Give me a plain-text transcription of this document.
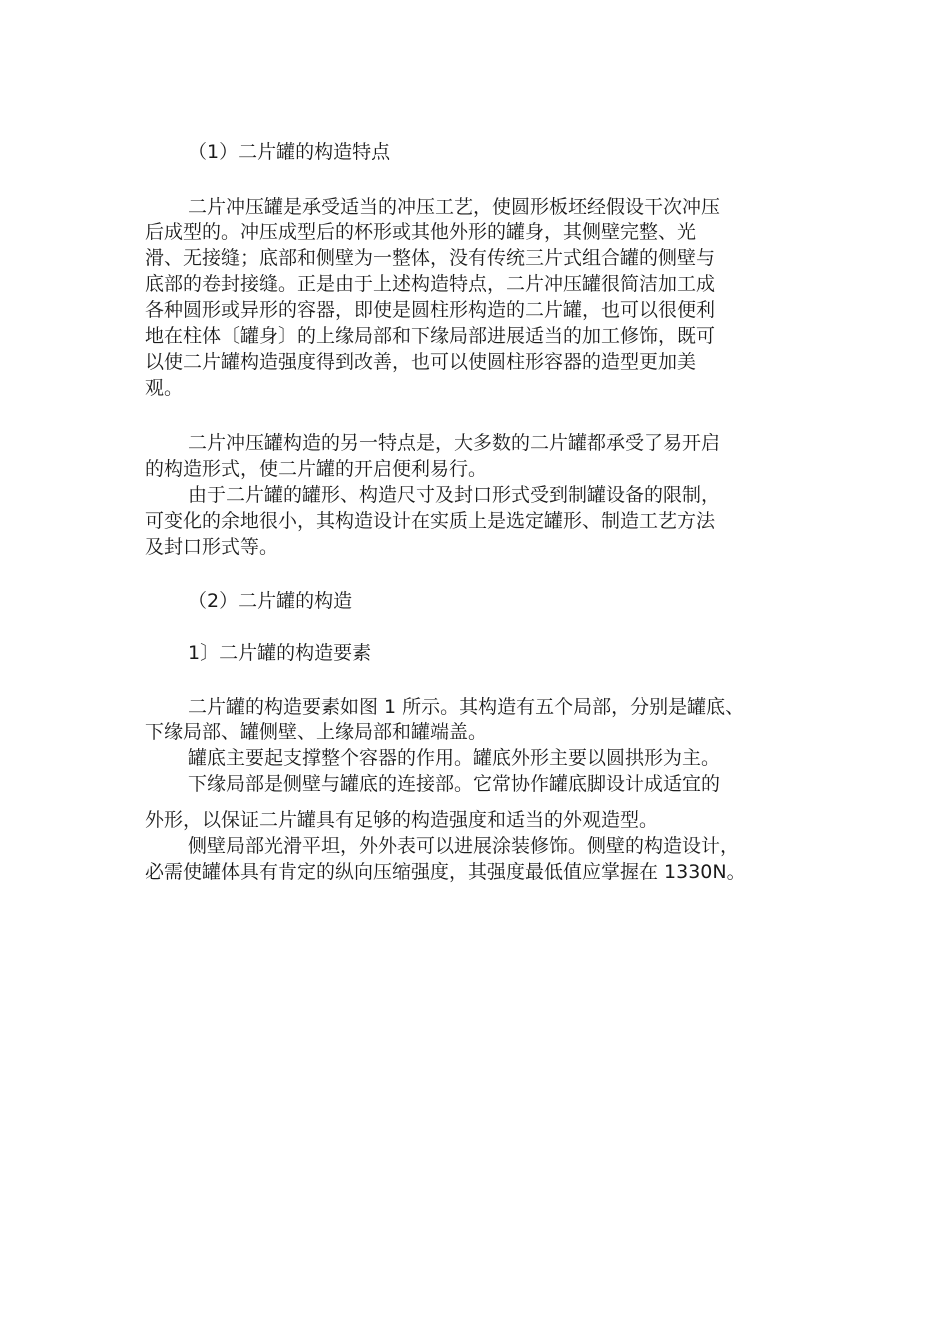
（1）二片罐的构造特点
二片冲压罐是承受适当的冲压工艺，使圆形板坯经假设干次冲压
后成型的。冲压成型后的杯形或其他外形的罐身，其侧壁完整、光
滑、无接缝；底部和侧壁为一整体，没有传统三片式组合罐的侧壁与
底部的卷封接缝。正是由于上述构造特点，二片冲压罐很简洁加工成
各种圆形或异形的容器，即使是圆柱形构造的二片罐，也可以很便利
地在柱体〔罐身〕的上缘局部和下缘局部进展适当的加工修饰，既可
以使二片罐构造强度得到改善，也可以使圆柱形容器的造型更加美
观。
二片冲压罐构造的另一特点是，大多数的二片罐都承受了易开启
的构造形式，使二片罐的开启便利易行。
由于二片罐的罐形、构造尺寸及封口形式受到制罐设备的限制，
可变化的余地很小，其构造设计在实质上是选定罐形、制造工艺方法
及封口形式等。
（2）二片罐的构造
1〕二片罐的构造要素
二片罐的构造要素如图 1 所示。其构造有五个局部，分别是罐底、
下缘局部、罐侧壁、上缘局部和罐端盖。
罐底主要起支撑整个容器的作用。罐底外形主要以圆拱形为主。
下缘局部是侧壁与罐底的连接部。它常协作罐底脚设计成适宜的
外形，以保证二片罐具有足够的构造强度和适当的外观造型。
侧壁局部光滑平坦，外外表可以进展涂装修饰。侧壁的构造设计，
必需使罐体具有肯定的纵向压缩强度，其强度最低值应掌握在 1330N。
